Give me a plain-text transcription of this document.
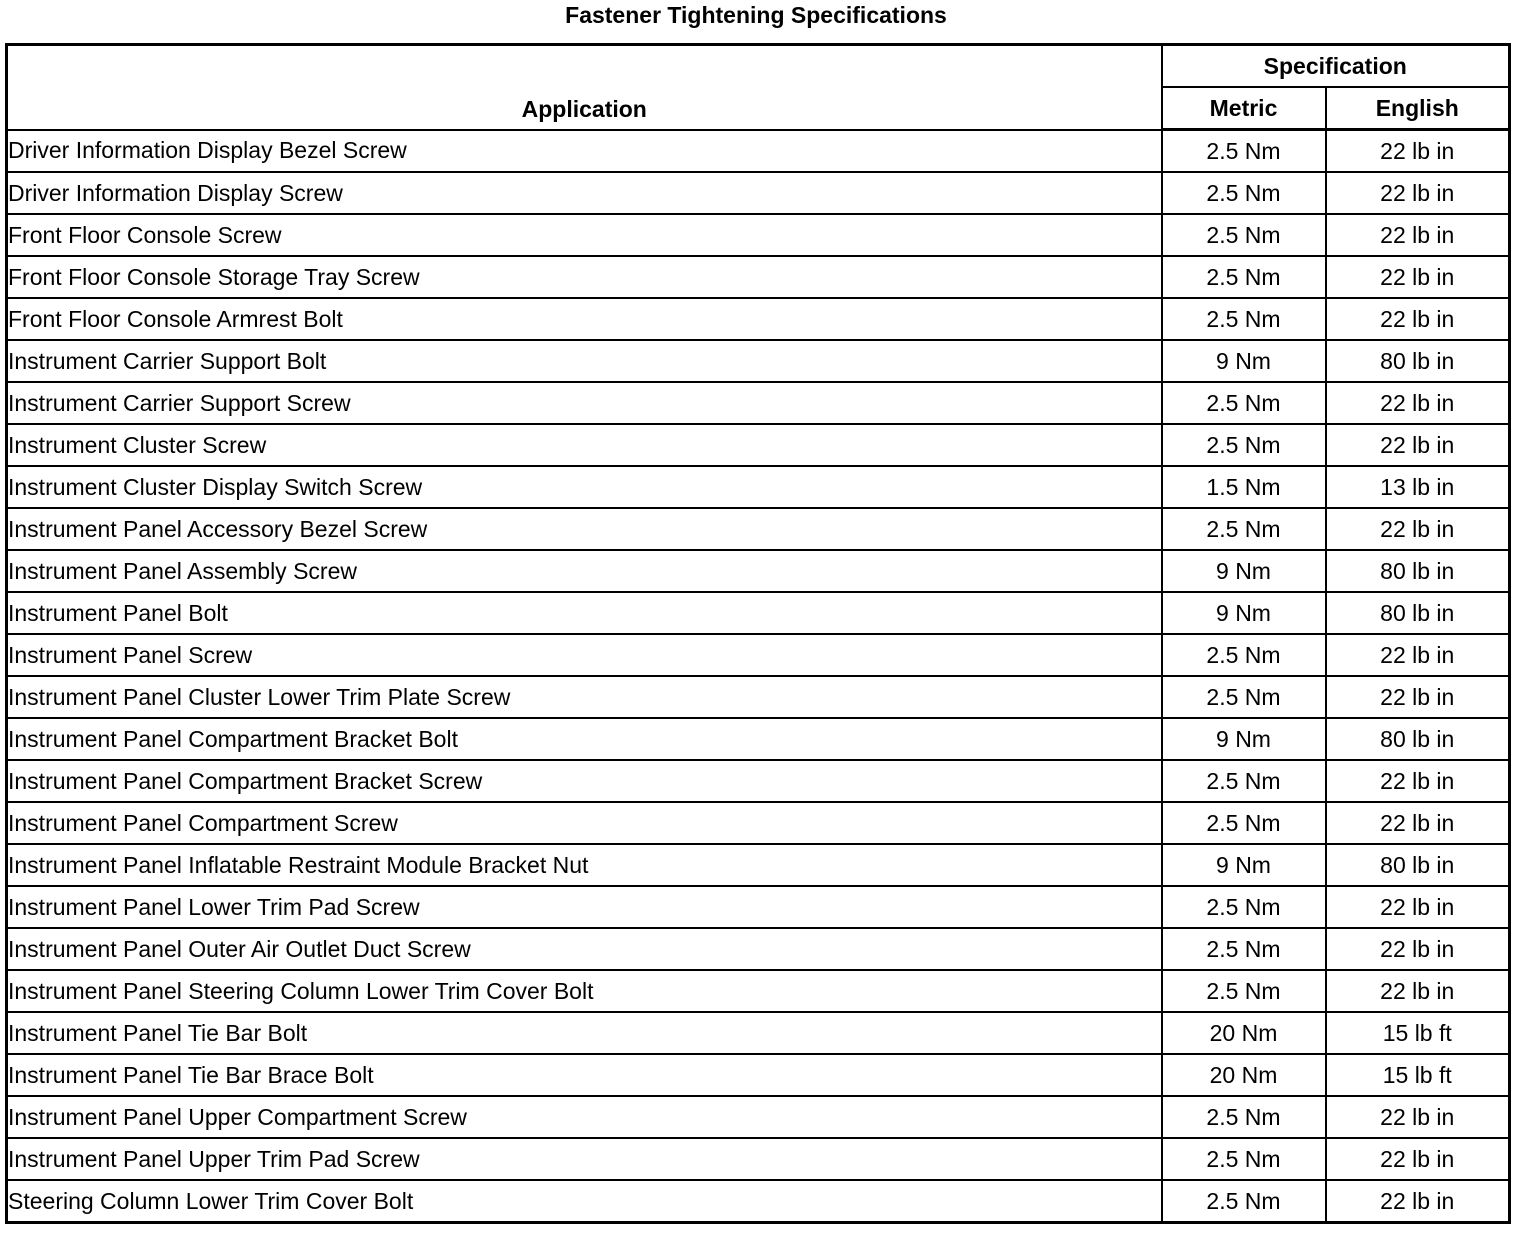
Fastener Tightening Specifications
Application	Specification	
	Metric	English
Driver Information Display Bezel Screw	2.5 Nm	22 lb in
Driver Information Display Screw	2.5 Nm	22 lb in
Front Floor Console Screw	2.5 Nm	22 lb in
Front Floor Console Storage Tray Screw	2.5 Nm	22 lb in
Front Floor Console Armrest Bolt	2.5 Nm	22 lb in
Instrument Carrier Support Bolt	9 Nm	80 lb in
Instrument Carrier Support Screw	2.5 Nm	22 lb in
Instrument Cluster Screw	2.5 Nm	22 lb in
Instrument Cluster Display Switch Screw	1.5 Nm	13 lb in
Instrument Panel Accessory Bezel Screw	2.5 Nm	22 lb in
Instrument Panel Assembly Screw	9 Nm	80 lb in
Instrument Panel Bolt	9 Nm	80 lb in
Instrument Panel Screw	2.5 Nm	22 lb in
Instrument Panel Cluster Lower Trim Plate Screw	2.5 Nm	22 lb in
Instrument Panel Compartment Bracket Bolt	9 Nm	80 lb in
Instrument Panel Compartment Bracket Screw	2.5 Nm	22 lb in
Instrument Panel Compartment Screw	2.5 Nm	22 lb in
Instrument Panel Inflatable Restraint Module Bracket Nut	9 Nm	80 lb in
Instrument Panel Lower Trim Pad Screw	2.5 Nm	22 lb in
Instrument Panel Outer Air Outlet Duct Screw	2.5 Nm	22 lb in
Instrument Panel Steering Column Lower Trim Cover Bolt	2.5 Nm	22 lb in
Instrument Panel Tie Bar Bolt	20 Nm	15 lb ft
Instrument Panel Tie Bar Brace Bolt	20 Nm	15 lb ft
Instrument Panel Upper Compartment Screw	2.5 Nm	22 lb in
Instrument Panel Upper Trim Pad Screw	2.5 Nm	22 lb in
Steering Column Lower Trim Cover Bolt	2.5 Nm	22 lb in
